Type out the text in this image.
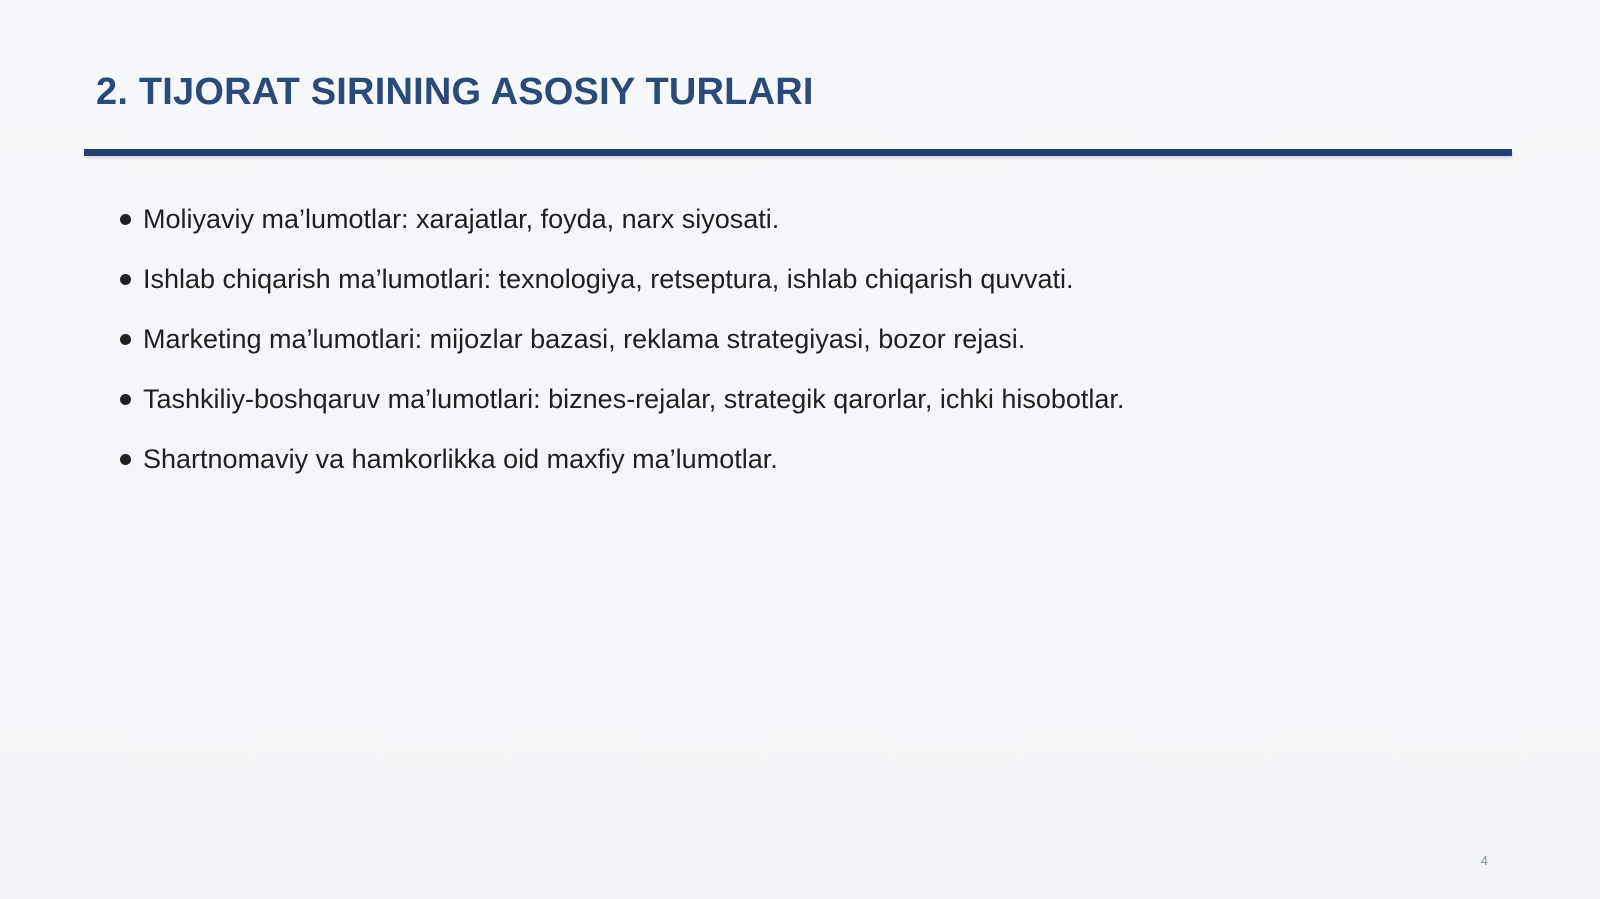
2. TIJORAT SIRINING ASOSIY TURLARI
Moliyaviy ma’lumotlar: xarajatlar, foyda, narx siyosati.
Ishlab chiqarish ma’lumotlari: texnologiya, retseptura, ishlab chiqarish quvvati.
Marketing ma’lumotlari: mijozlar bazasi, reklama strategiyasi, bozor rejasi.
Tashkiliy-boshqaruv ma’lumotlari: biznes-rejalar, strategik qarorlar, ichki hisobotlar.
Shartnomaviy va hamkorlikka oid maxfiy ma’lumotlar.
4
